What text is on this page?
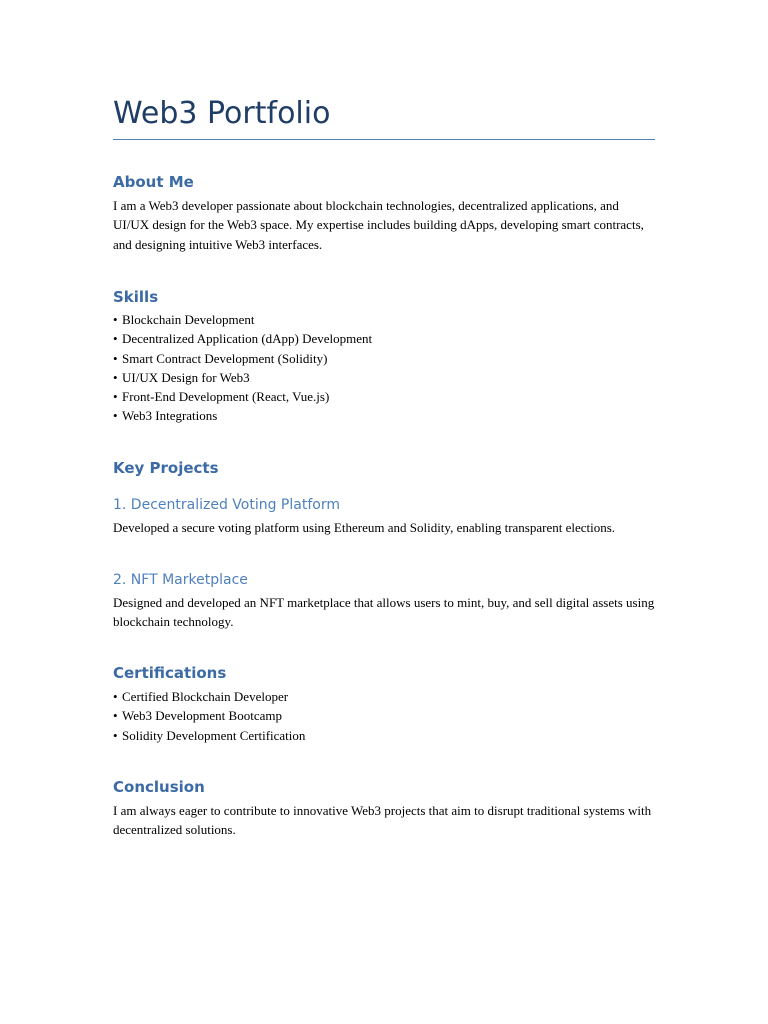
Web3 Portfolio
About Me

I am a Web3 developer passionate about blockchain technologies, decentralized applications, and UI/UX design for the Web3 space. My expertise includes building dApps, developing smart contracts, and designing intuitive Web3 interfaces.

Skills
• Blockchain Development
• Decentralized Application (dApp) Development
• Smart Contract Development (Solidity)
• UI/UX Design for Web3
• Front-End Development (React, Vue.js)
• Web3 Integrations
Key Projects
1. Decentralized Voting Platform

Developed a secure voting platform using Ethereum and Solidity, enabling transparent elections.

2. NFT Marketplace

Designed and developed an NFT marketplace that allows users to mint, buy, and sell digital assets using blockchain technology.

Certifications
• Certified Blockchain Developer
• Web3 Development Bootcamp
• Solidity Development Certification
Conclusion

I am always eager to contribute to innovative Web3 projects that aim to disrupt traditional systems with decentralized solutions.
